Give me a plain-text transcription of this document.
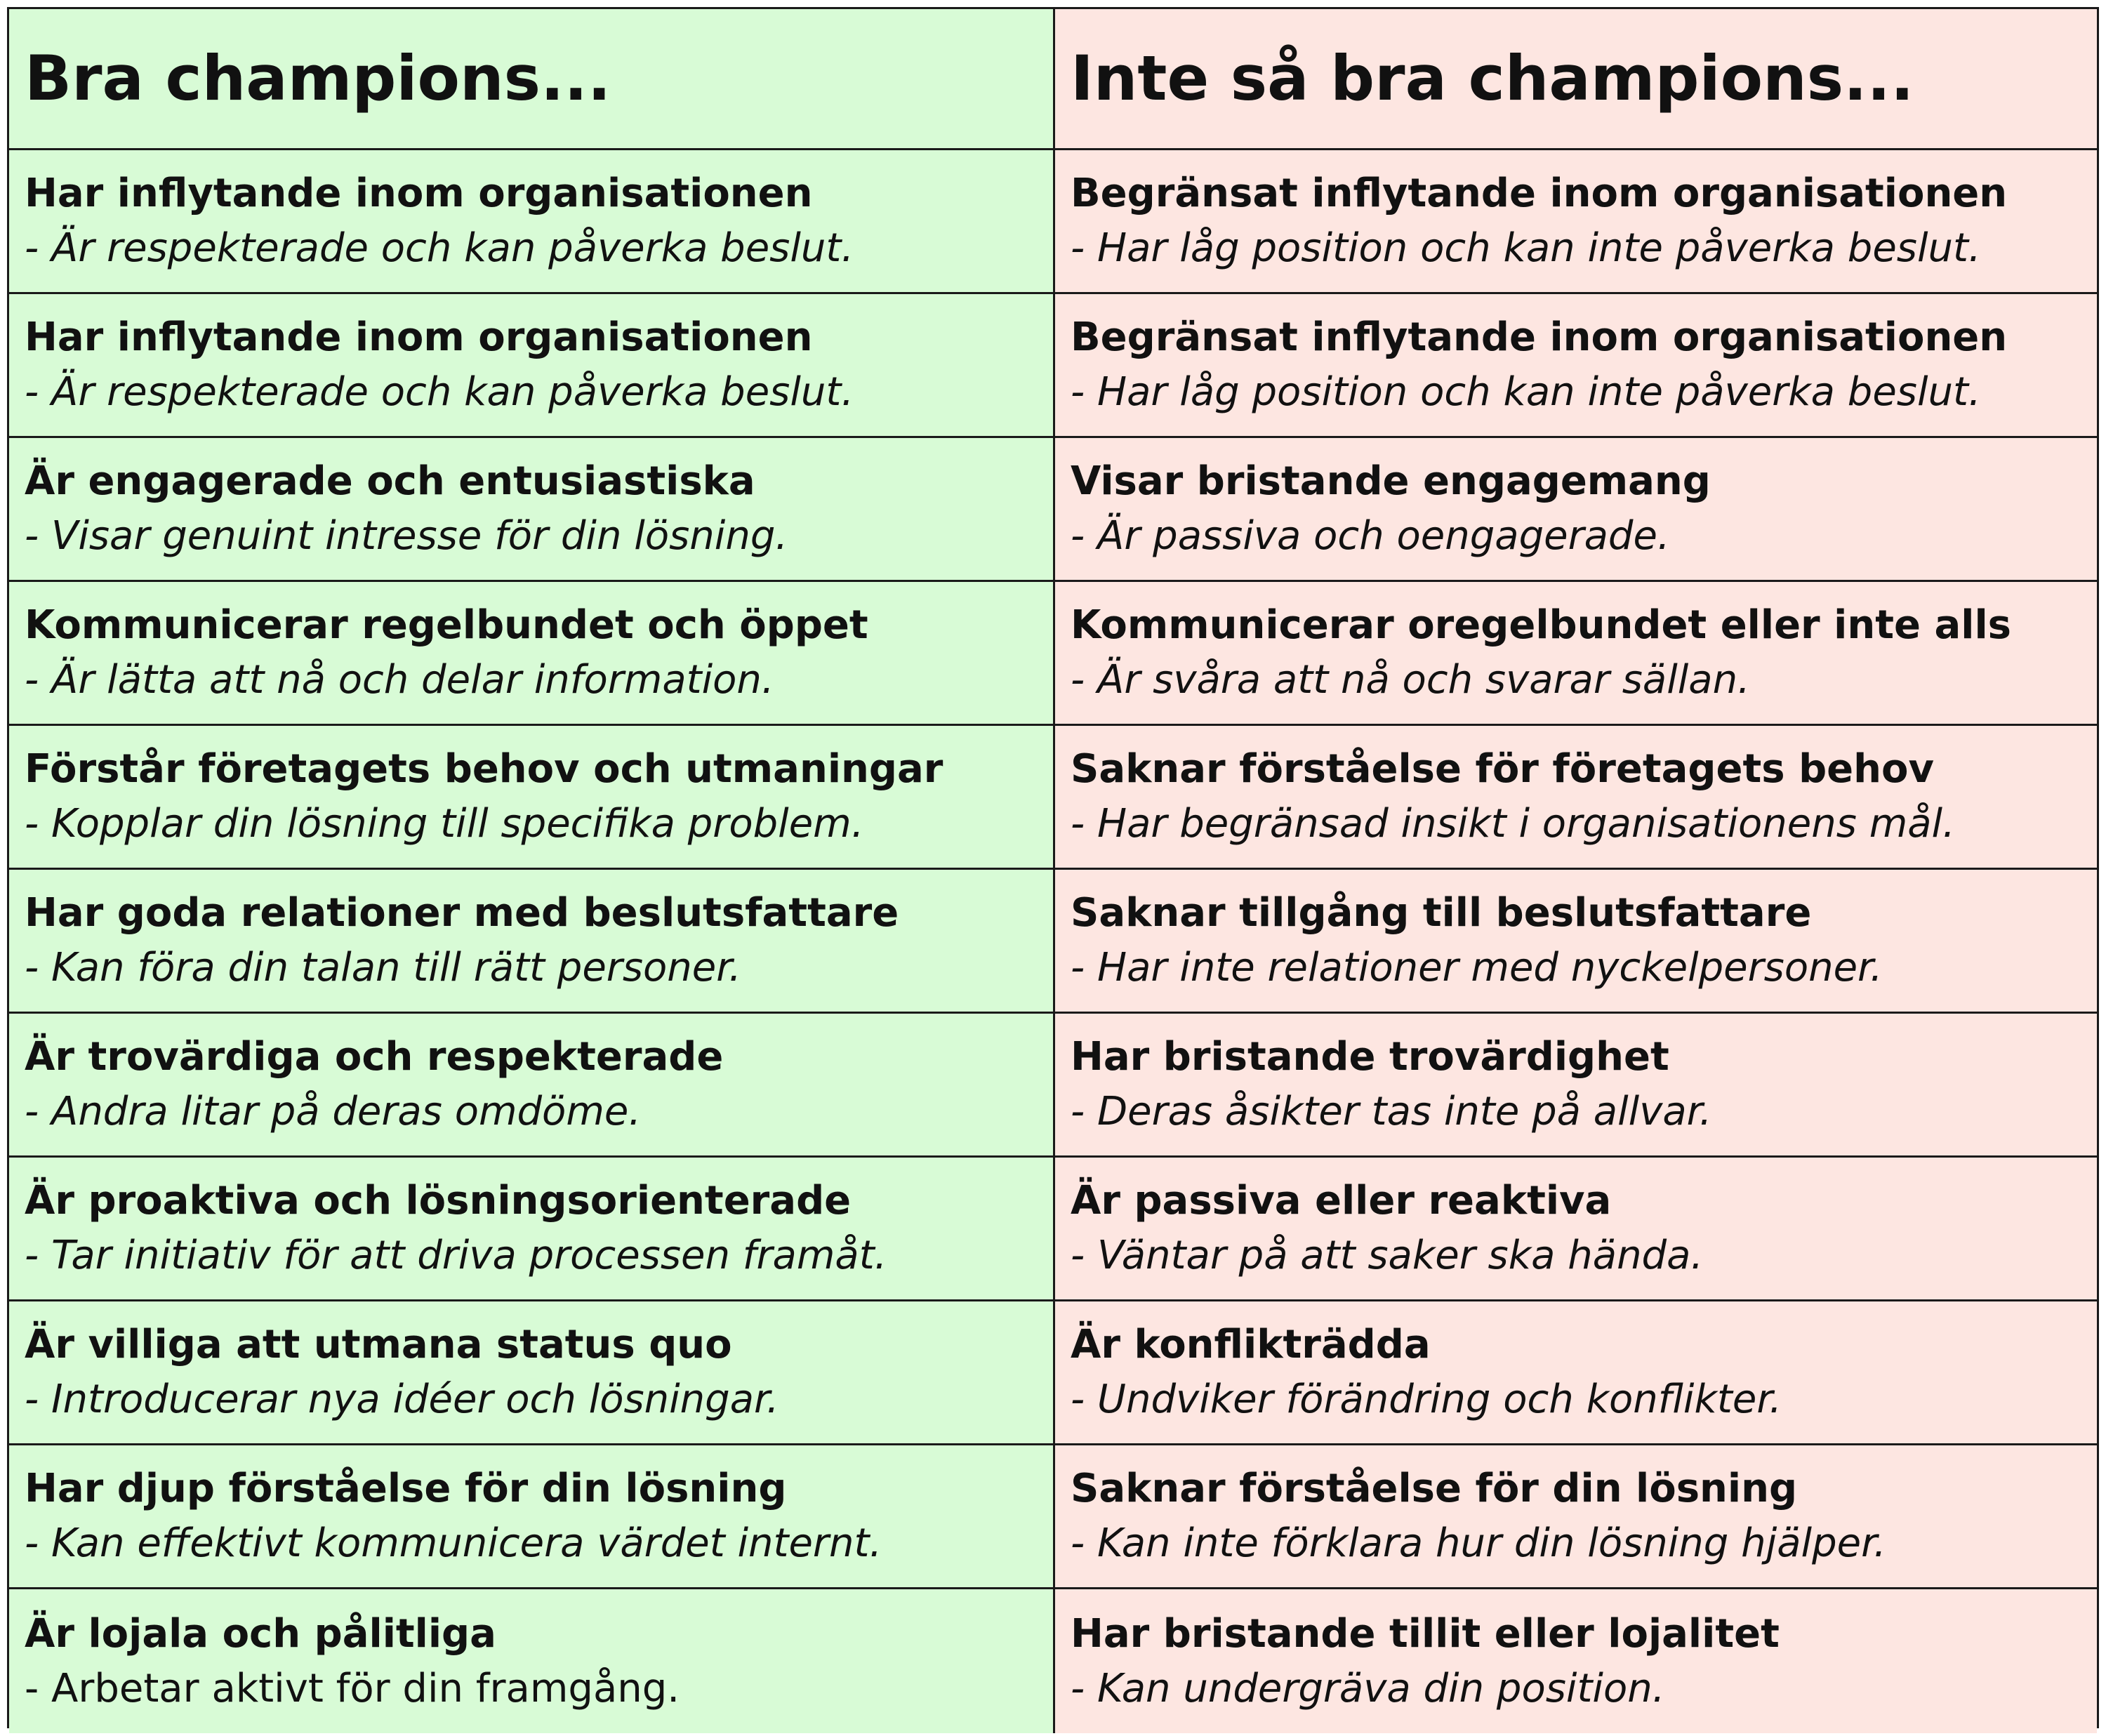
Bra champions...	Inte så bra champions...
Har inflytande inom organisationen
- Är respekterade och kan påverka beslut.
Begränsat inflytande inom organisationen
- Har låg position och kan inte påverka beslut.
Har inflytande inom organisationen
- Är respekterade och kan påverka beslut.
Begränsat inflytande inom organisationen
- Har låg position och kan inte påverka beslut.
Är engagerade och entusiastiska
- Visar genuint intresse för din lösning.
Visar bristande engagemang
- Är passiva och oengagerade.
Kommunicerar regelbundet och öppet
- Är lätta att nå och delar information.
Kommunicerar oregelbundet eller inte alls
- Är svåra att nå och svarar sällan.
Förstår företagets behov och utmaningar
- Kopplar din lösning till specifika problem.
Saknar förståelse för företagets behov
- Har begränsad insikt i organisationens mål.
Har goda relationer med beslutsfattare
- Kan föra din talan till rätt personer.
Saknar tillgång till beslutsfattare
- Har inte relationer med nyckelpersoner.
Är trovärdiga och respekterade
- Andra litar på deras omdöme.
Har bristande trovärdighet
- Deras åsikter tas inte på allvar.
Är proaktiva och lösningsorienterade
- Tar initiativ för att driva processen framåt.
Är passiva eller reaktiva
- Väntar på att saker ska hända.
Är villiga att utmana status quo
- Introducerar nya idéer och lösningar.
Är konflikträdda
- Undviker förändring och konflikter.
Har djup förståelse för din lösning
- Kan effektivt kommunicera värdet internt.
Saknar förståelse för din lösning
- Kan inte förklara hur din lösning hjälper.
Är lojala och pålitliga
- Arbetar aktivt för din framgång.
Har bristande tillit eller lojalitet
- Kan undergräva din position.
